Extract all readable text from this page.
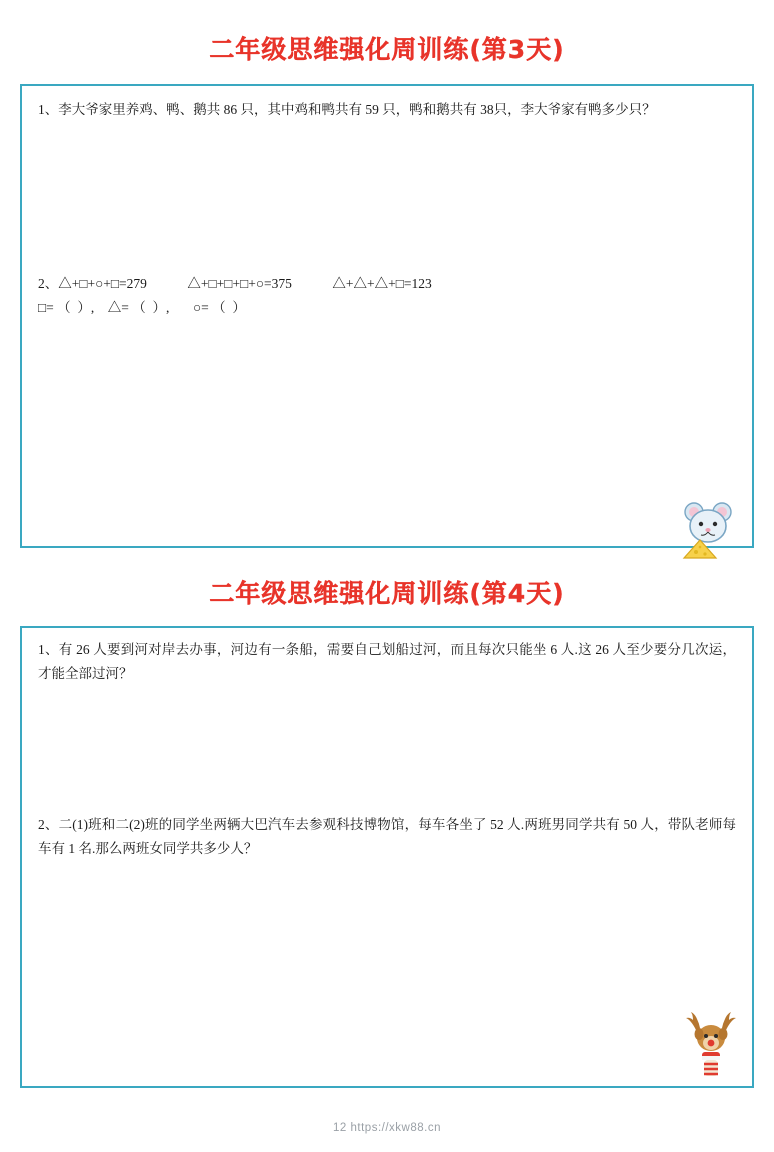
二年级思维强化周训练(第3天)
1、李大爷家里养鸡、鸭、鹅共 86 只，其中鸡和鸭共有 59 只，鸭和鹅共有 38只，李大爷家有鸭多少只？
2、△+□+○+□=279            △+□+□+□+○=375            △+△+△+□=123
□= （  ）,    △= （  ）,       ○= （  ）
二年级思维强化周训练(第4天)
1、有 26 人要到河对岸去办事，河边有一条船，需要自己划船过河，而且每次只能坐 6 人.这 26 人至少要分几次运，才能全部过河？
2、二(1)班和二(2)班的同学坐两辆大巴汽车去参观科技博物馆，每车各坐了 52 人.两班男同学共有 50 人，带队老师每车有 1 名.那么两班女同学共多少人？
12 https://xkw88.cn
